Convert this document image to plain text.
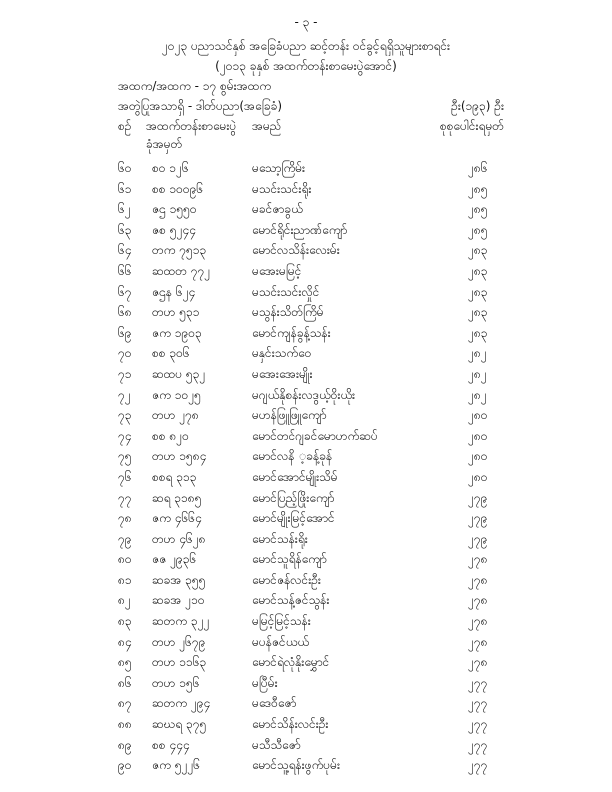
- ၃ -
၂၀၂၃ ပညာသင်နှစ် အခြေခံပညာ ဆင့်တန်း ဝင်ခွင့်ရရှိသူများစာရင်း
(၂၀၁၃ ခုနှစ် အထက်တန်းစာမေးပွဲအောင်)
အထက/အထက - ၁၇ စွမ်းအထက
အတွဲပြုအသာရှိ - ဒါတ်ပညာ(အခြေခံ)	ဦး(၁၉၃) ဦး
စဉ် အထက်တန်းစာမေးပွဲ
ခုံအမှတ်
အမည်	စုစုပေါင်းရမှတ်
၆၀ စဝ ၁၂၆	မသော့ကြိမ်း	၂၈၆
၆၁ စစ ၁၀၀၉၆	မသင်းသင်းရိုး	၂၈၅
၆၂ ဇဌ ၁၅၅၀	မခင်ဇာခွယ်	၂၈၅
၆၃ ဇစ ၅၂၄၄	မောင်ရိုင်းညာဏ်ကျော်	၂၈၅
၆၄ တက ၇၅၁၃	မောင်လသိန်းလေးမ်း	၂၈၃
၆၆ ဆထတ ၇၇၂	မအေးမမြင့်	၂၈၃
၆၇ ဇဌန ၆၂၄	မသင်းသင်းလှိုင်	၂၈၃
၆၈ တဟ ၅၃၁	မသွန်းသိတ်ကြိမ်	၂၈၃
၆၉ ဇက ၁၉၀၃	မောင်ကျန်ခွန့်သန်း	၂၈၃
၇၀ စစ ၃၀၆	မနှင်းသက်ဝေ	၂၈၂
၇၁ ဆထပ ၅၃၂	မအေးအေးမျိုး	၂၈၂
၇၂ ဇက ၁၀၂၅	မဂျယ်နိုစန်းလဒွယ့်ဝိုးယိုး	၂၈၂
၇၃ တဟ ၂၇၈	မဟန်ဖြူဖြူကျော်	၂၈၀
၇၄ စစ ၈၂၀	မောင်တင်ဂျခင်မောဟက်ဆပ်	၂၈၀
၇၅ တဟ ၁၅၈၄	မောင်လနိ ့ခန့်ခုန်	၂၈၀
၇၆ စစရ ၃၁၃	မောင်အောင်မျိုးသိမ်	၂၈၀
၇၇ ဆရ ၃၁၈၅	မောင်ပြည့်ဖြိုးကျော်	၂၇၉
၇၈ ဇက ၄၆၆၄	မောင်မျိုးမြင့်အောင်	၂၇၉
၇၉ တဟ ၄၆၂၈	မောင်သန်းရိုး	၂၇၉
၈၀ ဇဇ ၂၉၃၆	မောင်သူရိန်ကျော်	၂၇၈
၈၁ ဆခအ ၃၅၅	မောင်ဇန်လင်းဦး	၂၇၈
၈၂ ဆခအ ၂၁၀	မောင်သန့်ဇင်သွန်း	၂၇၈
၈၃ ဆတက ၃၂၂	မမြင့်မြင့်သန်း	၂၇၈
၈၄ တဟ ၂၆၇၉	မပန်ဇင်ယယ်	၂၇၈
၈၅ တဟ ၁၁၆၃	မောင်ရဲလုံနိုးမွှောင်	၂၇၈
၈၆ တဟ ၁၅၆	မပြီမ်း	၂၇၇
၈၇ ဆတက ၂၉၄	မဒေဝီဇော်	၂၇၇
၈၈ ဆဃရ ၃၇၅	မောင်သိန်းလင်းဦး	၂၇၇
၈၉ စစ ၄၄၄	မသီသီဇော်	၂၇၇
၉၀ ဇက ၅၂၂၆	မောင်သူ့ရန်းဖွက်ပုမ်း	၂၇၇
